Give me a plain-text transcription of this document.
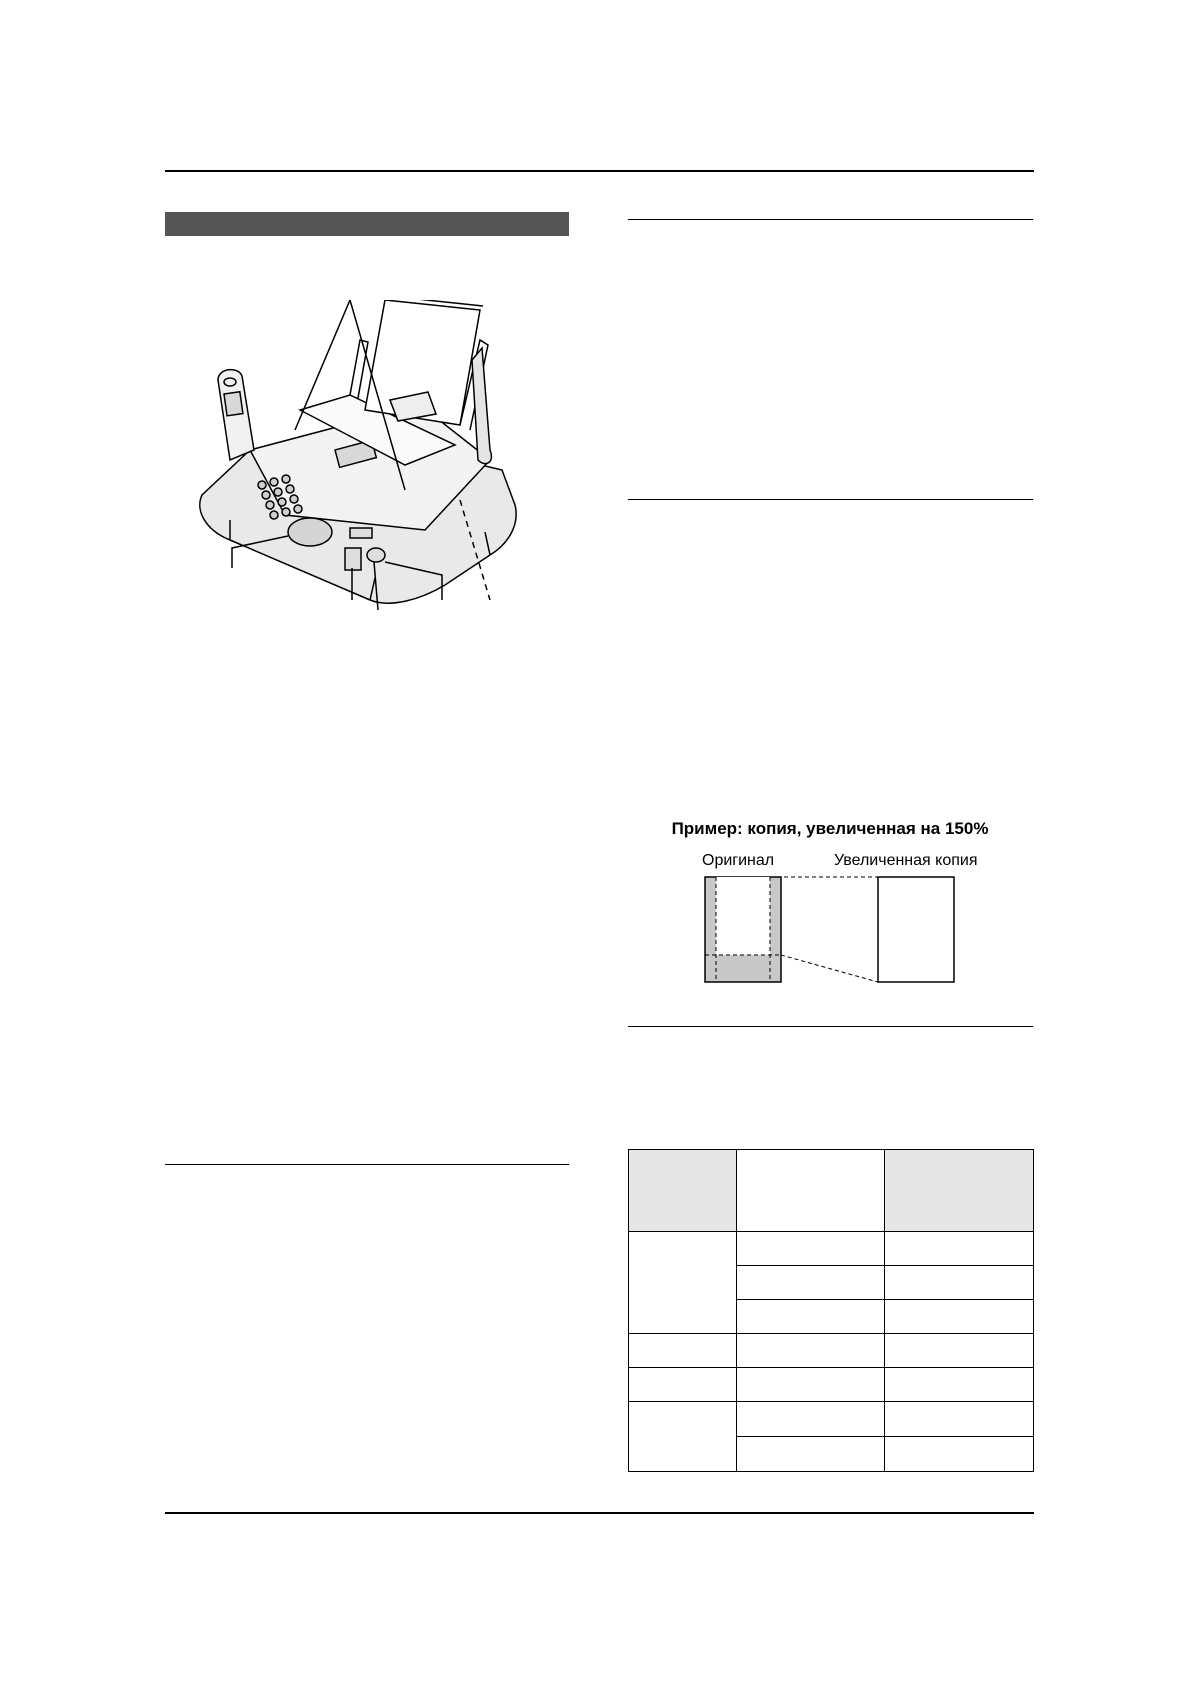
Пример: копия, увеличенная на 150%
Оригинал	Увеличенная копия
